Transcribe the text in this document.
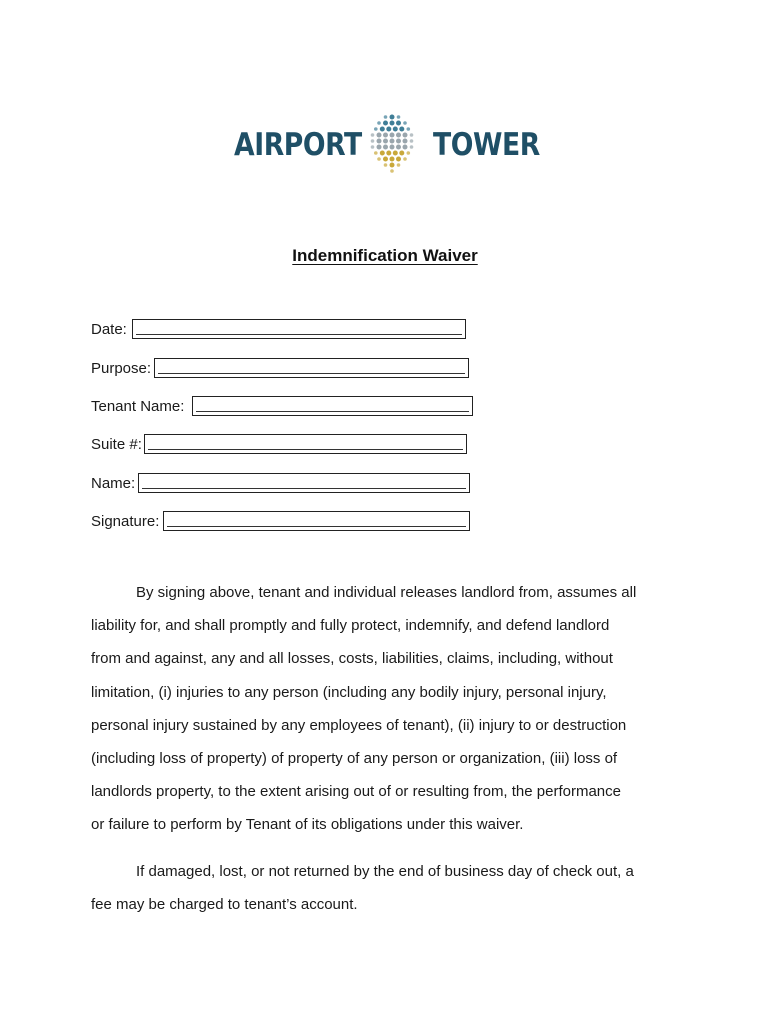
AIRPORT TOWER
Indemnification Waiver
Date:
Purpose:
Tenant Name:
Suite #:
Name:
Signature:
By signing above, tenant and individual releases landlord from, assumes all
liability for, and shall promptly and fully protect, indemnify, and defend landlord
from and against, any and all losses, costs, liabilities, claims, including, without
limitation, (i) injuries to any person (including any bodily injury, personal injury,
personal injury sustained by any employees of tenant), (ii) injury to or destruction
(including loss of property) of property of any person or organization, (iii) loss of
landlords property, to the extent arising out of or resulting from, the performance
or failure to perform by Tenant of its obligations under this waiver.
If damaged, lost, or not returned by the end of business day of check out, a
fee may be charged to tenant’s account.
